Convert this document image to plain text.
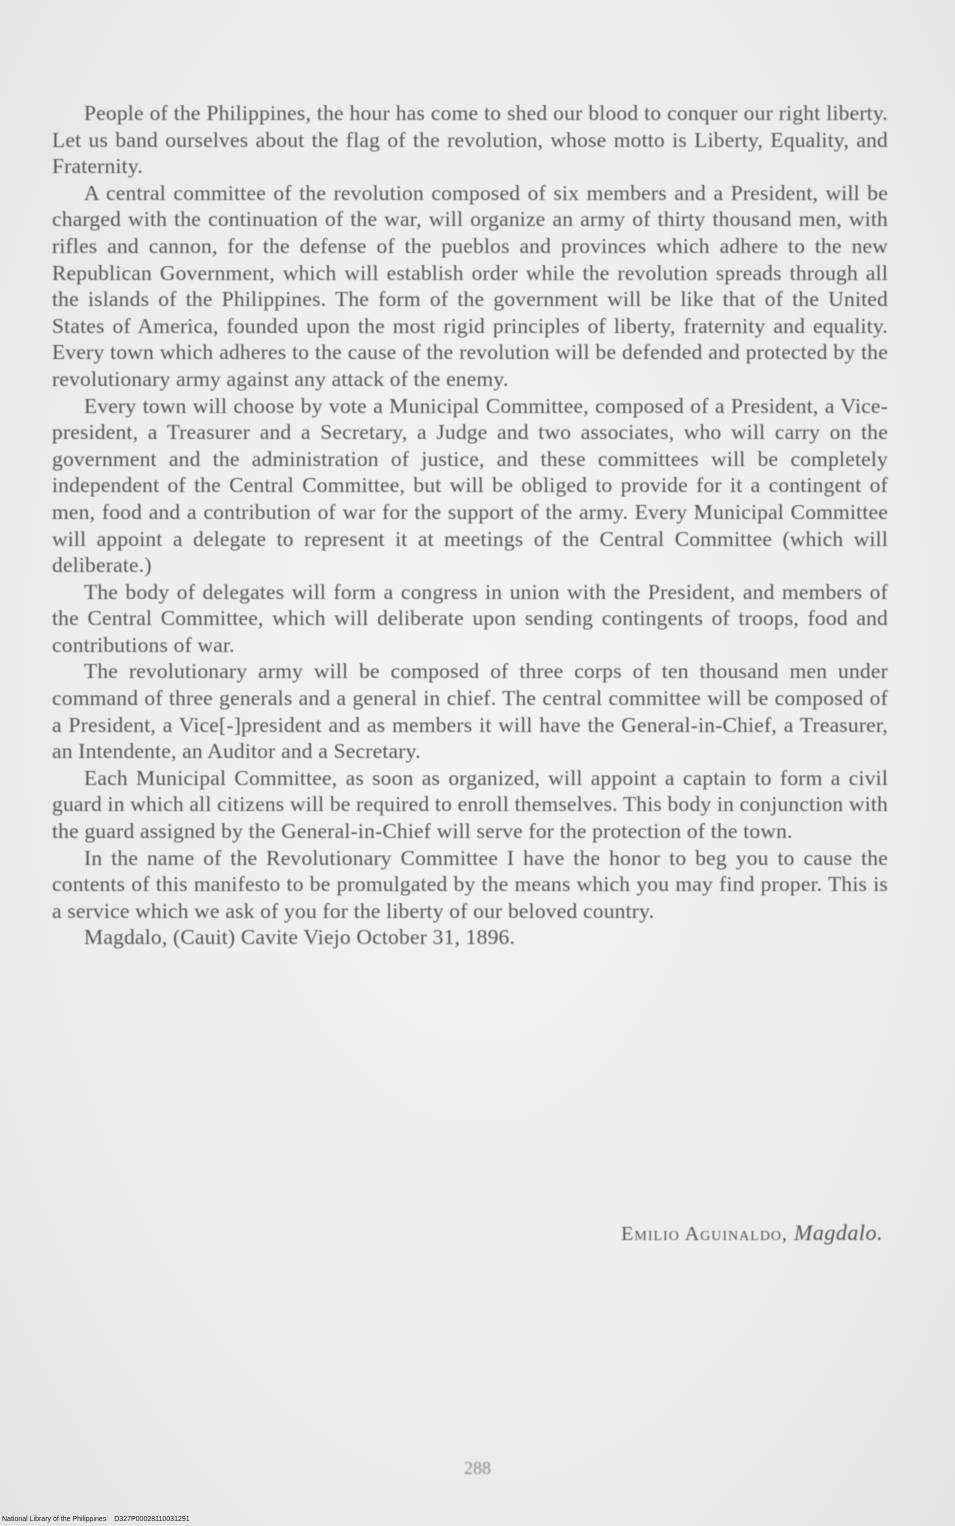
People of the Philippines, the hour has come to shed our blood to conquer our right liberty. Let us band ourselves about the flag of the revolution, whose motto is Liberty, Equality, and Fraternity.

A central committee of the revolution composed of six members and a President, will be charged with the continuation of the war, will organize an army of thirty thousand men, with rifles and cannon, for the defense of the pueblos and provinces which adhere to the new Republican Government, which will establish order while the revolution spreads through all the islands of the Philippines. The form of the government will be like that of the United States of America, founded upon the most rigid principles of liberty, fraternity and equality. Every town which adheres to the cause of the revolution will be defended and protected by the revolutionary army against any attack of the enemy.

Every town will choose by vote a Municipal Committee, composed of a President, a Vice-president, a Treasurer and a Secretary, a Judge and two associates, who will carry on the government and the administration of justice, and these committees will be completely independent of the Central Committee, but will be obliged to provide for it a contingent of men, food and a contribution of war for the support of the army. Every Municipal Committee will appoint a delegate to represent it at meetings of the Central Committee (which will deliberate.)

The body of delegates will form a congress in union with the President, and members of the Central Committee, which will deliberate upon sending contingents of troops, food and contributions of war.

The revolutionary army will be composed of three corps of ten thousand men under command of three generals and a general in chief. The central committee will be composed of a President, a Vice[-]president and as members it will have the General-in-Chief, a Treasurer, an Intendente, an Auditor and a Secretary.

Each Municipal Committee, as soon as organized, will appoint a captain to form a civil guard in which all citizens will be required to enroll themselves. This body in conjunction with the guard assigned by the General-in-Chief will serve for the protection of the town.

In the name of the Revolutionary Committee I have the honor to beg you to cause the contents of this manifesto to be promulgated by the means which you may find proper. This is a service which we ask of you for the liberty of our beloved country.

Magdalo, (Cauit) Cavite Viejo October 31, 1896.

Emilio Aguinaldo, Magdalo.
288
National Library of the Philippines D327P00028110031291
